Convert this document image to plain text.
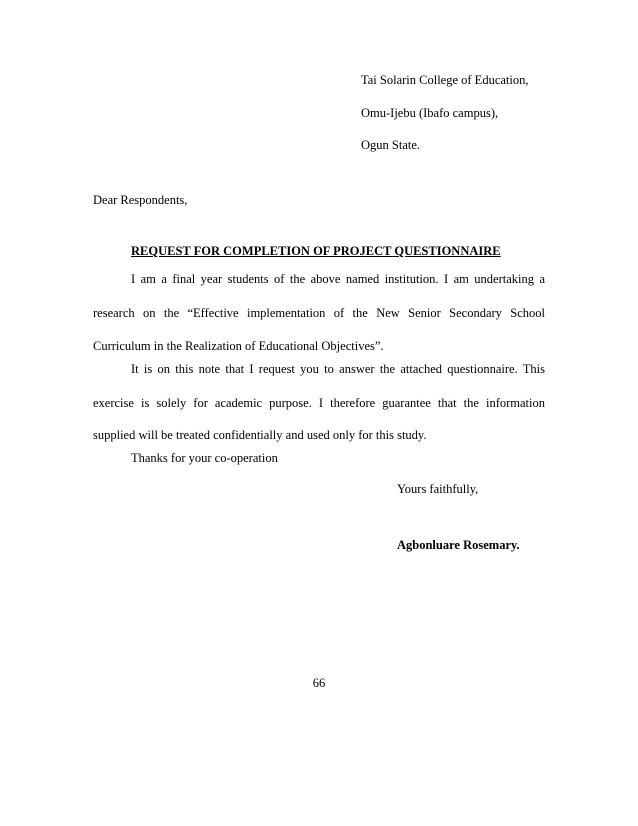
Tai Solarin College of Education,
Omu-Ijebu (Ibafo campus),
Ogun State.
Dear Respondents,
REQUEST FOR COMPLETION OF PROJECT QUESTIONNAIRE
I am a final year students of the above named institution. I am undertaking a
research on the “Effective implementation of the New Senior Secondary School
Curriculum in the Realization of Educational Objectives”.
It is on this note that I request you to answer the attached questionnaire. This
exercise is solely for academic purpose. I therefore guarantee that the information
supplied will be treated confidentially and used only for this study.
Thanks for your co-operation
Yours faithfully,
Agbonluare Rosemary.
66
